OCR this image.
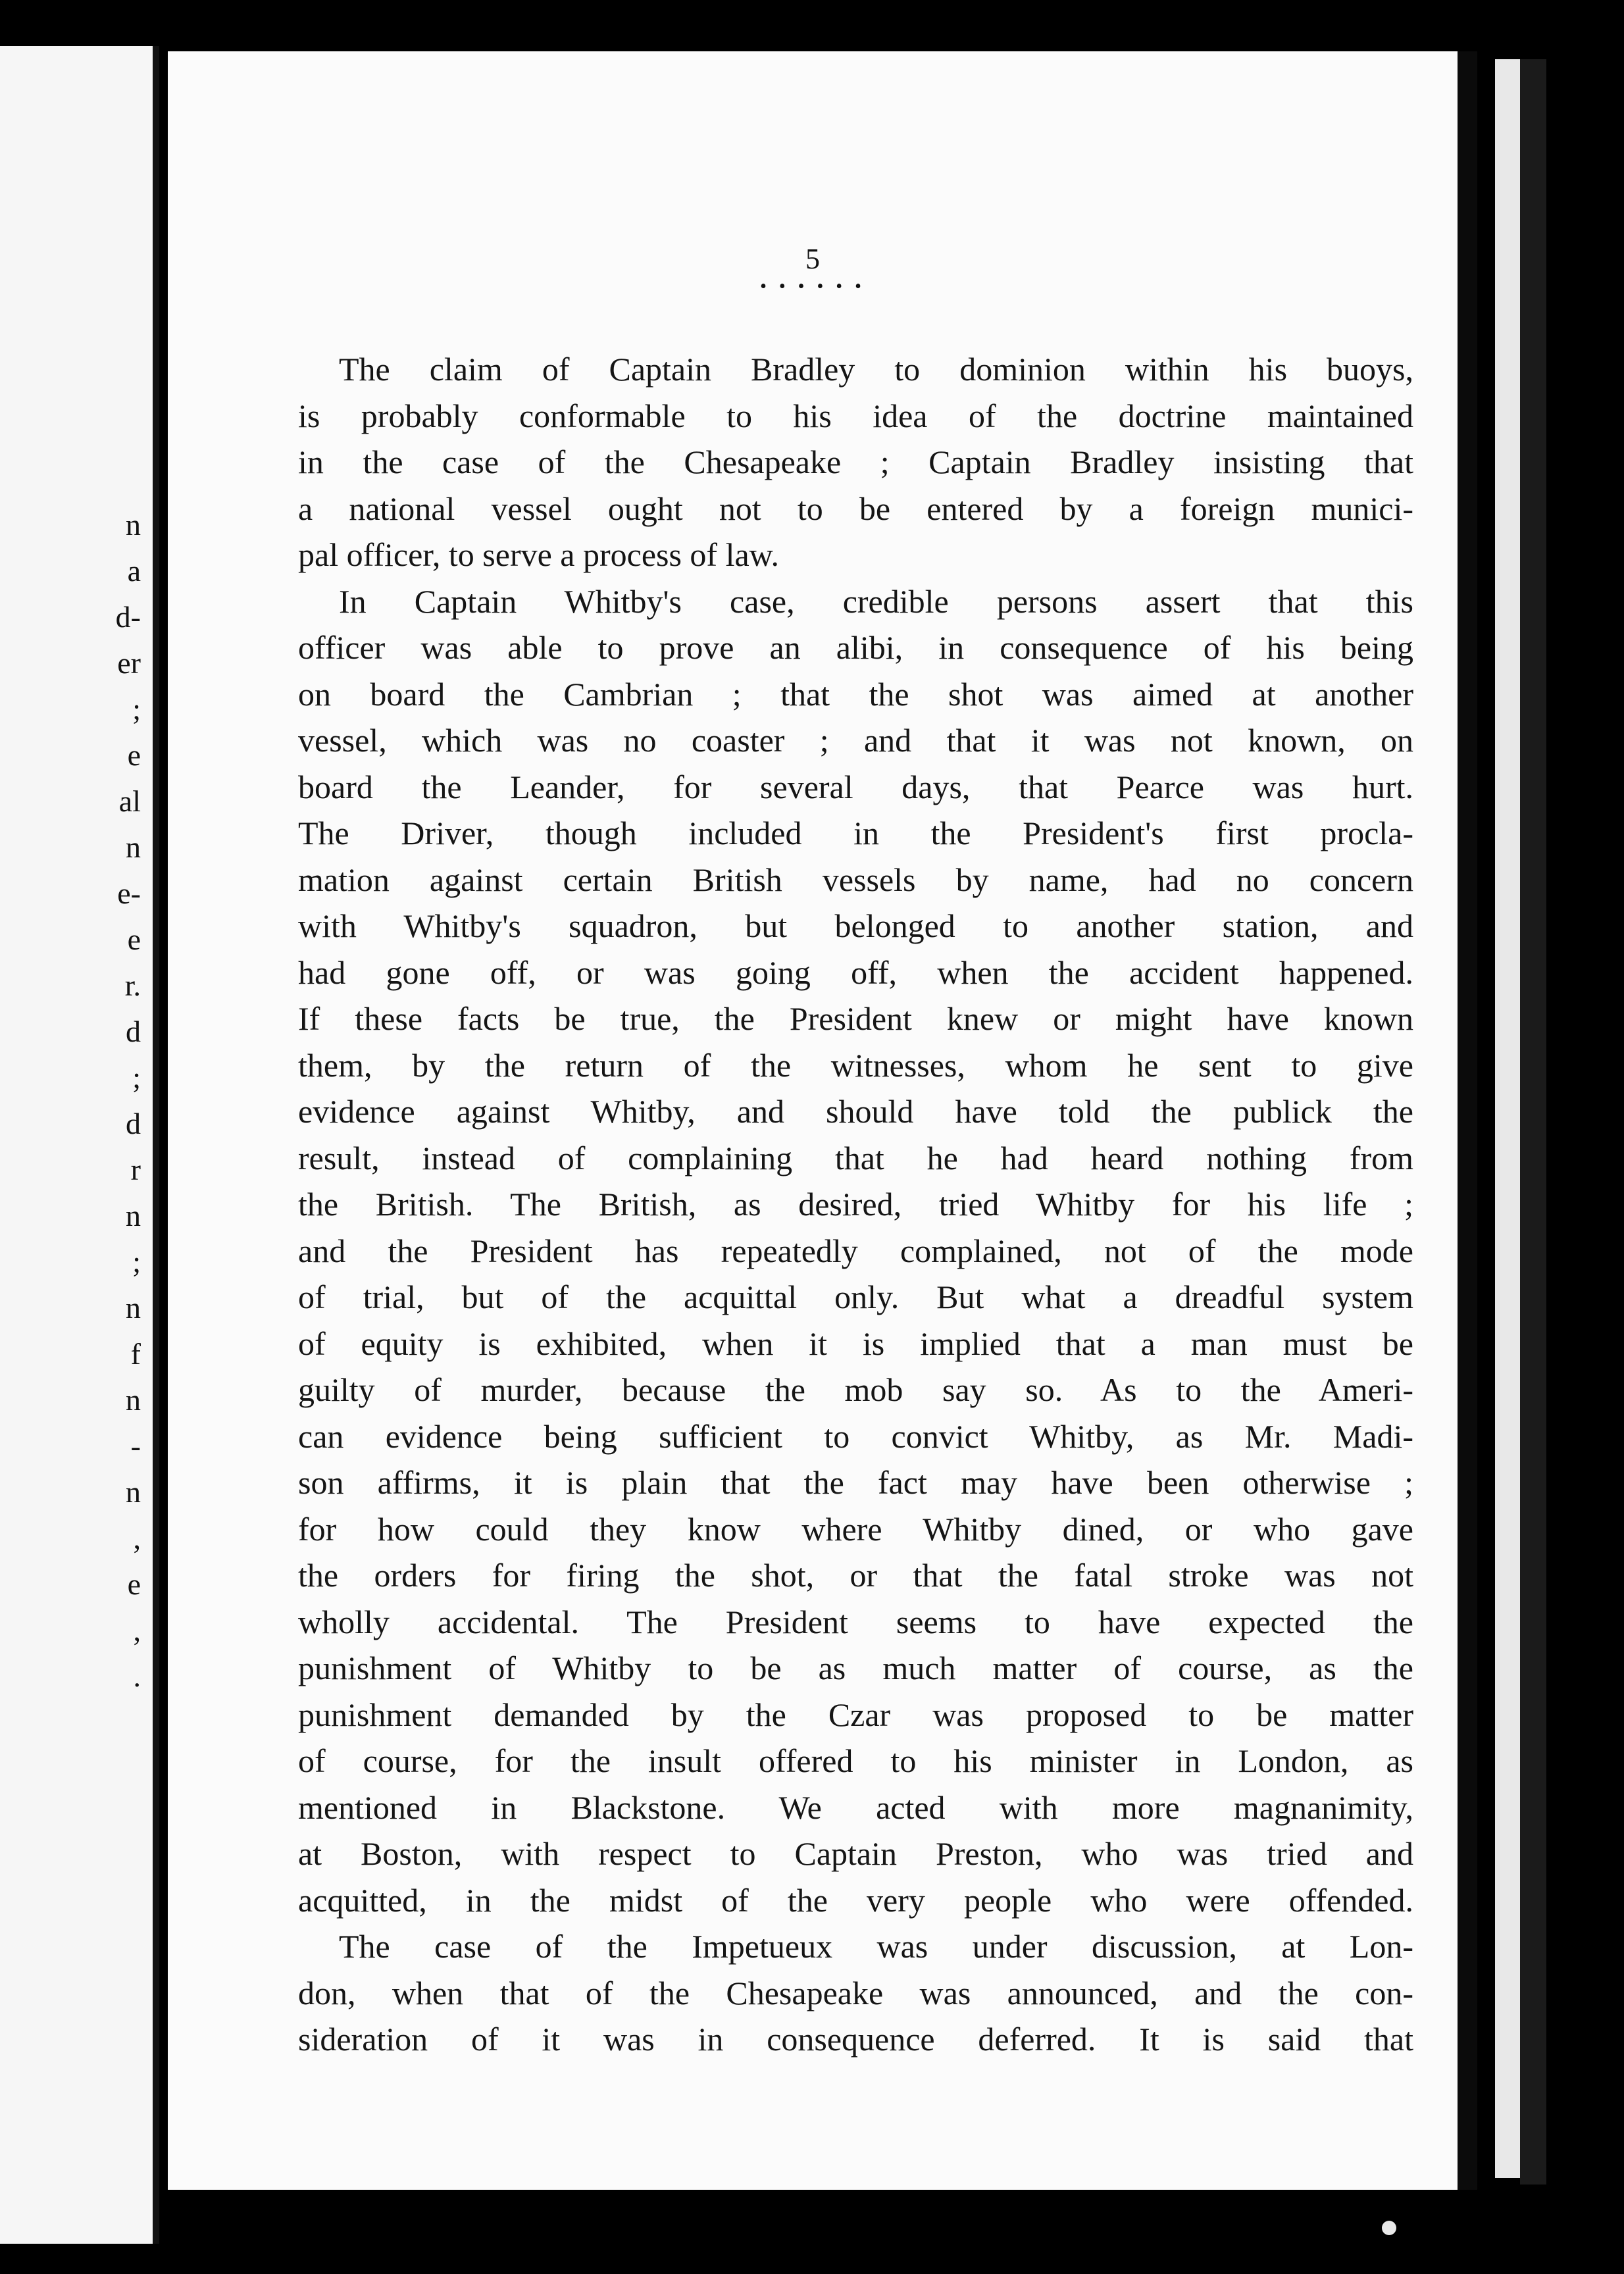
n
a
d-
er
;
e
al
n
e-
e
r.
d
;
d
r
n
;
n
f
n
-
n
,
e
,
.
5
• • • • • •
The claim of Captain Bradley to dominion within his buoys,
is probably conformable to his idea of the doctrine maintained
in the case of the Chesapeake ; Captain Bradley insisting that
a national vessel ought not to be entered by a foreign munici-
pal officer, to serve a process of law.
In Captain Whitby's case, credible persons assert that this
officer was able to prove an alibi, in consequence of his being
on board the Cambrian ; that the shot was aimed at another
vessel, which was no coaster ; and that it was not known, on
board the Leander, for several days, that Pearce was hurt.
The Driver, though included in the President's first procla-
mation against certain British vessels by name, had no concern
with Whitby's squadron, but belonged to another station, and
had gone off, or was going off, when the accident happened.
If these facts be true, the President knew or might have known
them, by the return of the witnesses, whom he sent to give
evidence against Whitby, and should have told the publick the
result, instead of complaining that he had heard nothing from
the British. The British, as desired, tried Whitby for his life ;
and the President has repeatedly complained, not of the mode
of trial, but of the acquittal only. But what a dreadful system
of equity is exhibited, when it is implied that a man must be
guilty of murder, because the mob say so. As to the Ameri-
can evidence being sufficient to convict Whitby, as Mr. Madi-
son affirms, it is plain that the fact may have been otherwise ;
for how could they know where Whitby dined, or who gave
the orders for firing the shot, or that the fatal stroke was not
wholly accidental. The President seems to have expected the
punishment of Whitby to be as much matter of course, as the
punishment demanded by the Czar was proposed to be matter
of course, for the insult offered to his minister in London, as
mentioned in Blackstone. We acted with more magnanimity,
at Boston, with respect to Captain Preston, who was tried and
acquitted, in the midst of the very people who were offended.
The case of the Impetueux was under discussion, at Lon-
don, when that of the Chesapeake was announced, and the con-
sideration of it was in consequence deferred. It is said that
